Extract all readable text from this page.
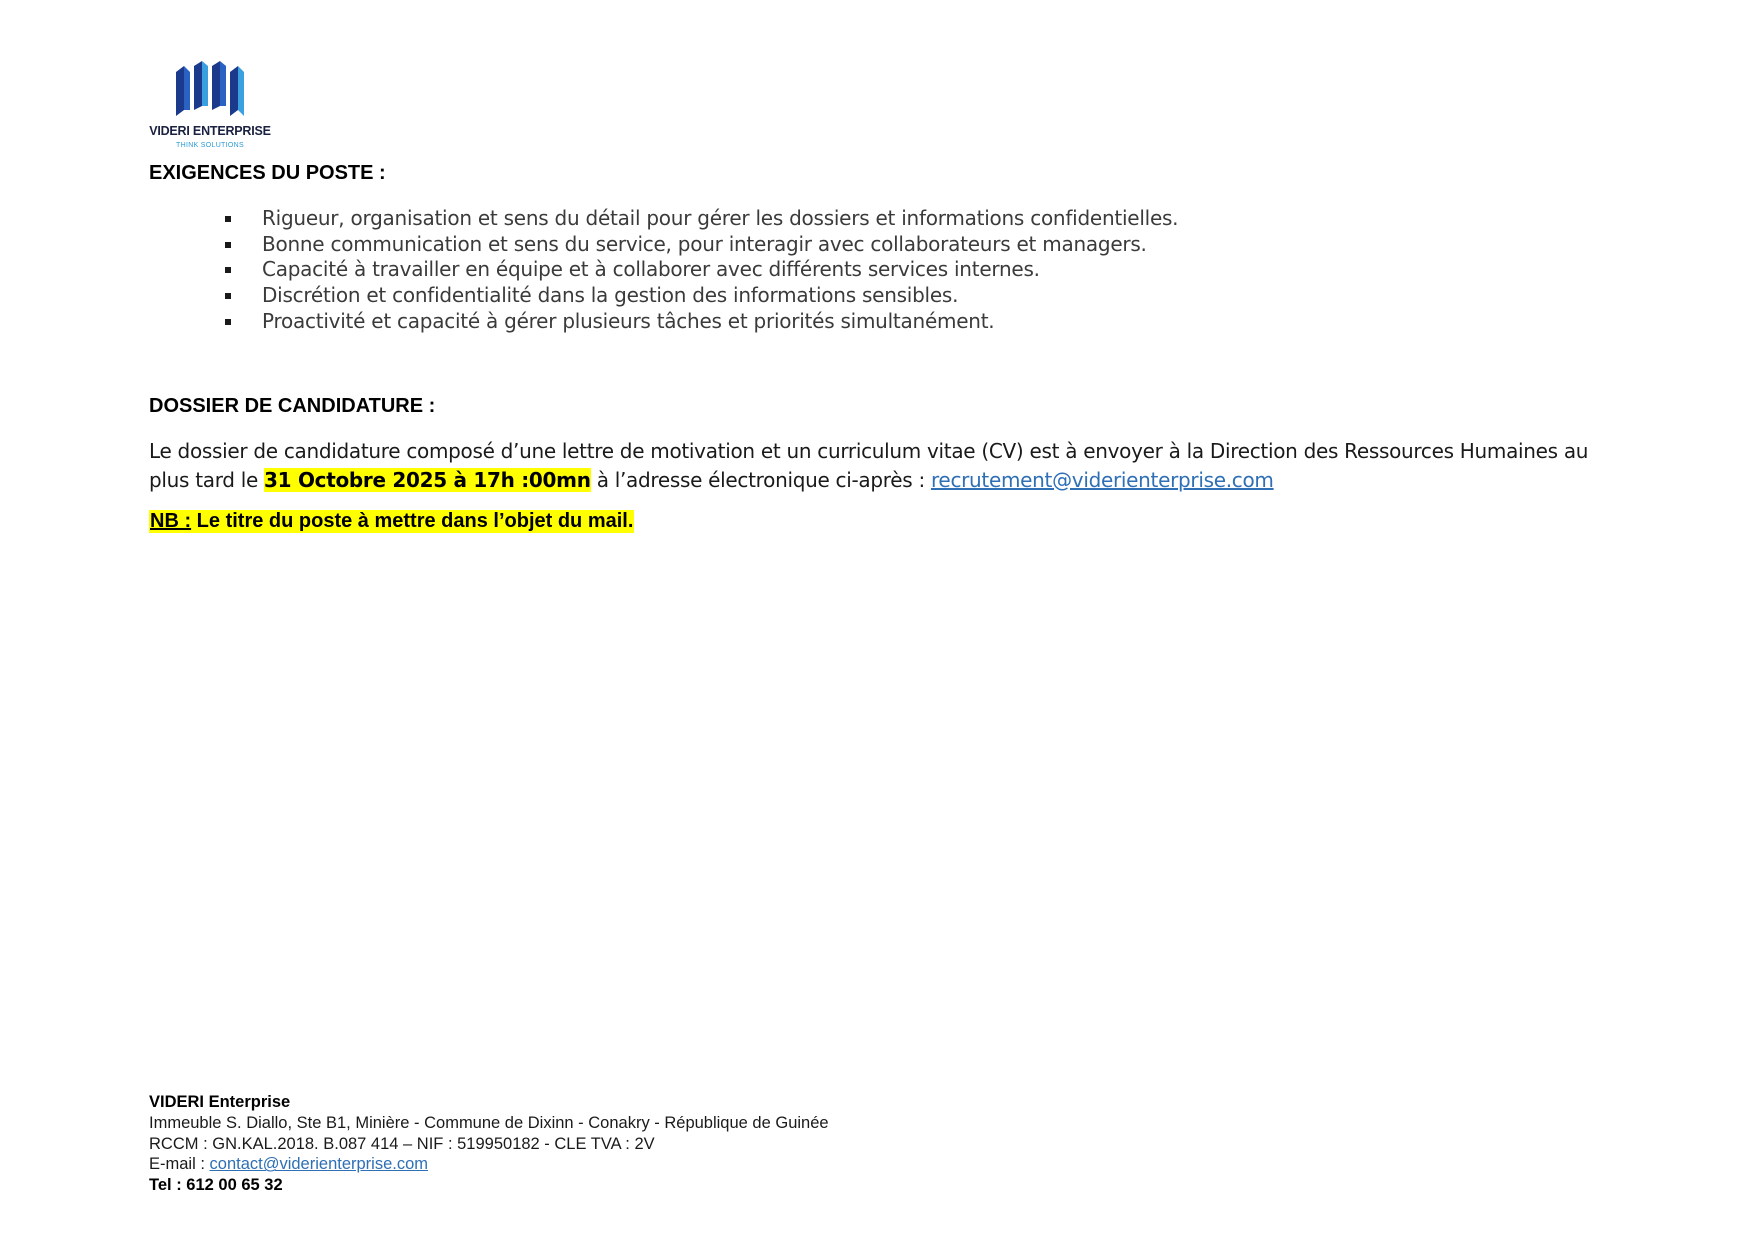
VIDERI ENTERPRISE
THINK SOLUTIONS
EXIGENCES DU POSTE :
Rigueur, organisation et sens du détail pour gérer les dossiers et informations confidentielles.
Bonne communication et sens du service, pour interagir avec collaborateurs et managers.
Capacité à travailler en équipe et à collaborer avec différents services internes.
Discrétion et confidentialité dans la gestion des informations sensibles.
Proactivité et capacité à gérer plusieurs tâches et priorités simultanément.
DOSSIER DE CANDIDATURE :

Le dossier de candidature composé d’une lettre de motivation et un curriculum vitae (CV) est à envoyer à la Direction des Ressources Humaines au plus tard le 31 Octobre 2025 à 17h :00mn à l’adresse électronique ci-après : recrutement@viderienterprise.com

NB : Le titre du poste à mettre dans l’objet du mail.

VIDERI Enterprise
Immeuble S. Diallo, Ste B1, Minière - Commune de Dixinn - Conakry - République de Guinée
RCCM : GN.KAL.2018. B.087 414 – NIF : 519950182 - CLE TVA : 2V
E-mail : contact@viderienterprise.com
Tel : 612 00 65 32
